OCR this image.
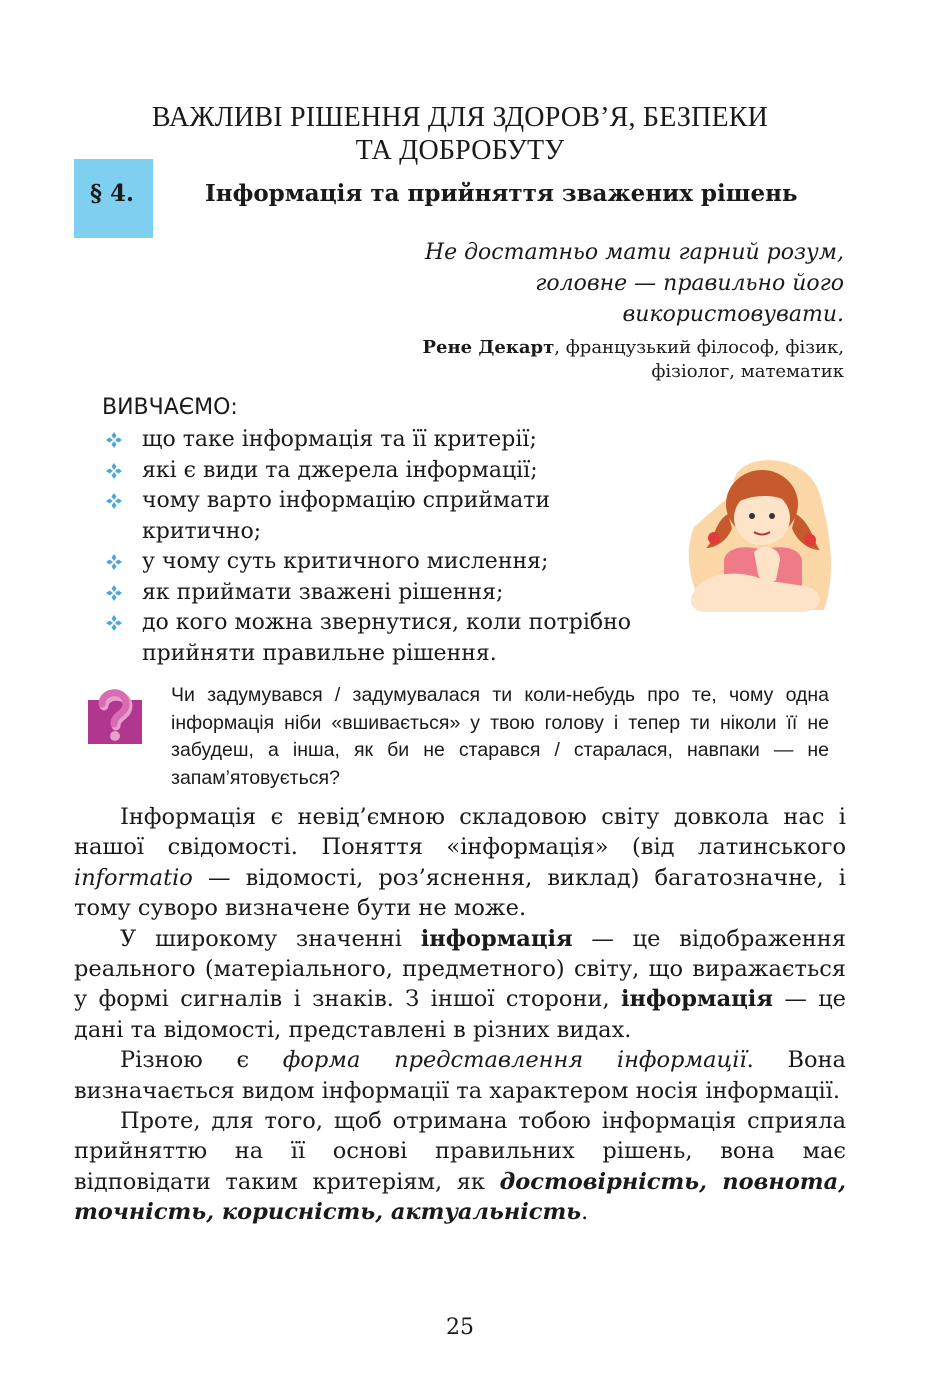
ВАЖЛИВІ РІШЕННЯ ДЛЯ ЗДОРОВ’Я, БЕЗПЕКИ
ТА ДОБРОБУТУ
§ 4.	Інформація та прийняття зважених рішень
Не достатньо мати гарний розум,
головне — правильно його
використовувати.
Рене Декарт, французький філософ, фізик,
фізіолог, математик
ВИВЧАЄМО:
що таке інформація та її критерії;
які є види та джерела інформації;
чому варто інформацію сприймати критично;
у чому суть критичного мислення;
як приймати зважені рішення;
до кого можна звернутися, коли потрібно прийняти правильне рішення.
Чи задумувався / задумувалася ти коли-небудь про те, чому одна інформація ніби «вшивається» у твою голову і тепер ти ніколи її не забудеш, а інша, як би не старався / старалася, навпаки — не запам’ятовується?

Інформація є невід’ємною складовою світу довкола нас і нашої свідомості. Поняття «інформація» (від латинського informatio — відомості, роз’яснення, виклад) багатозначне, і тому суворо визначене бути не може.

У широкому значенні інформація — це відображення реального (матеріального, предметного) світу, що виражається у формі сигналів і знаків. З іншої сторони, інформація — це дані та відомості, представлені в різних видах.

Різною є форма представлення інформації. Вона визначається видом інформації та характером носія інформації.

Проте, для того, щоб отримана тобою інформація сприяла прийняттю на її основі правильних рішень, вона має відповідати таким критеріям, як достовірність, повнота, точність, корисність, актуальність.

25
